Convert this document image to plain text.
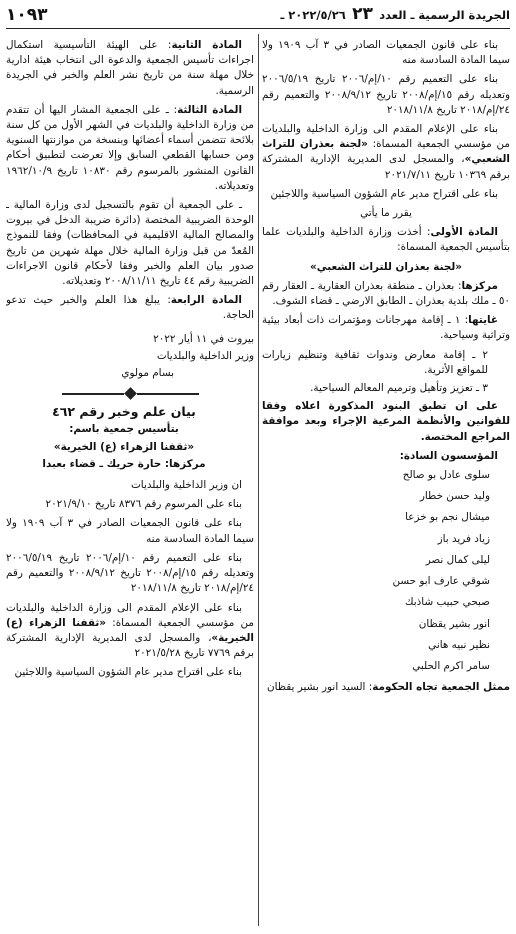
الجريدة الرسمية ـ العدد ٢٣ ٢٠٢٢/٥/٢٦ ـ
١٠٩٣

بناء على قانون الجمعيات الصادر في ٣ آب ١٩٠٩ ولا سيما المادة السادسة منه

بناء على التعميم رقم ١٠/إم/٢٠٠٦ تاريخ ٢٠٠٦/٥/١٩ وتعديله رقم ١٥/إم/٢٠٠٨ تاريخ ٢٠٠٨/٩/١٢ والتعميم رقم ٢٤/إم/٢٠١٨ تاريخ ٢٠١٨/١١/٨

بناء على الإعلام المقدم الى وزارة الداخلية والبلديات من مؤسسي الجمعية المسماة: «لجنة بعذران للتراث الشعبي»، والمسجل لدى المديرية الإدارية المشتركة برقم ١٠٣٦٩ تاريخ ٢٠٢١/٧/١١

بناء على اقتراح مدير عام الشؤون السياسية واللاجئين

يقرر ما يأتي

المادة الأولى: أخذت وزارة الداخلية والبلديات علما بتأسيس الجمعية المسماة:

«لجنة بعذران للتراث الشعبي»

مركزها: بعذران ـ منطقة بعذران العقارية ـ العقار رقم ٥٠ ـ ملك بلدية بعذران ـ الطابق الارضي ـ قضاء الشوف.

غايتها: ١ ـ إقامة مهرجانات ومؤتمرات ذات أبعاد بيئية وتراثية وسياحية.

٢ ـ إقامة معارض وندوات ثقافية وتنظيم زيارات للمواقع الأثرية.

٣ ـ تعزيز وتأهيل وترميم المعالم السياحية.

على ان تطبق البنود المذكورة اعلاه وفقا للقوانين والأنظمة المرعية الإجراء وبعد موافقة المراجع المختصة.

المؤسسون السادة:

سلوى عادل بو صالح

وليد حسن خطار

ميشال نجم بو خزعا

زياد فريد باز

ليلى كمال نصر

شوقي عارف ابو حسن

صبحي حبيب شاذبك

انور بشير يقظان

نظير نبيه هاني

سامر اكرم الحلبي

ممثل الجمعية تجاه الحكومة: السيد انور بشير يقظان

المادة الثانية: على الهيئة التأسيسية استكمال اجراءات تأسيس الجمعية والدعوة الى انتخاب هيئة ادارية خلال مهلة سنة من تاريخ نشر العلم والخبر في الجريدة الرسمية.

المادة الثالثة: ـ على الجمعية المشار اليها أن تتقدم من وزارة الداخلية والبلديات في الشهر الأول من كل سنة بلائحة تتضمن أسماء أعضائها وبنسخة من موازنتها السنوية ومن حسابها القطعي السابق وإلا تعرضت لتطبيق أحكام القانون المنشور بالمرسوم رقم ١٠٨٣٠ تاريخ ١٩٦٢/١٠/٩ وتعديلاته.

ـ على الجمعية أن تقوم بالتسجيل لدى وزارة المالية ـ الوحدة الضريبية المختصة (دائرة ضريبة الدخل في بيروت والمصالح المالية الاقليمية في المحافظات) وفقا للنموذج المُعدّ من قبل وزارة المالية خلال مهلة شهرين من تاريخ صدور بيان العلم والخبر وفقا لأحكام قانون الاجراءات الضريبية رقم ٤٤ تاريخ ٢٠٠٨/١١/١١ وتعديلاته.

المادة الرابعة: يبلغ هذا العلم والخبر حيث تدعو الحاجة.

بيروت في ١١ أيار ٢٠٢٢

وزير الداخلية والبلديات

بسام مولوي

بيان علم وخبر رقم ٤٦٢

بتأسيس جمعية باسم:

«ثقفنا الزهراء (ع) الخيرية»

مركزها: حارة حريك ـ قضاء بعبدا

ان وزير الداخلية والبلديات

بناء على المرسوم رقم ٨٣٧٦ تاريخ ٢٠٢١/٩/١٠

بناء على قانون الجمعيات الصادر في ٣ آب ١٩٠٩ ولا سيما المادة السادسة منه

بناء على التعميم رقم ١٠/إم/٢٠٠٦ تاريخ ٢٠٠٦/٥/١٩ وتعديله رقم ١٥/إم/٢٠٠٨ تاريخ ٢٠٠٨/٩/١٢ والتعميم رقم ٢٤/إم/٢٠١٨ تاريخ ٢٠١٨/١١/٨

بناء على الإعلام المقدم الى وزارة الداخلية والبلديات من مؤسسي الجمعية المسماة: «ثقفنا الزهراء (ع) الخيرية»، والمسجل لدى المديرية الإدارية المشتركة برقم ٧٧٦٩ تاريخ ٢٠٢١/٥/٢٨

بناء على اقتراح مدير عام الشؤون السياسية واللاجئين
